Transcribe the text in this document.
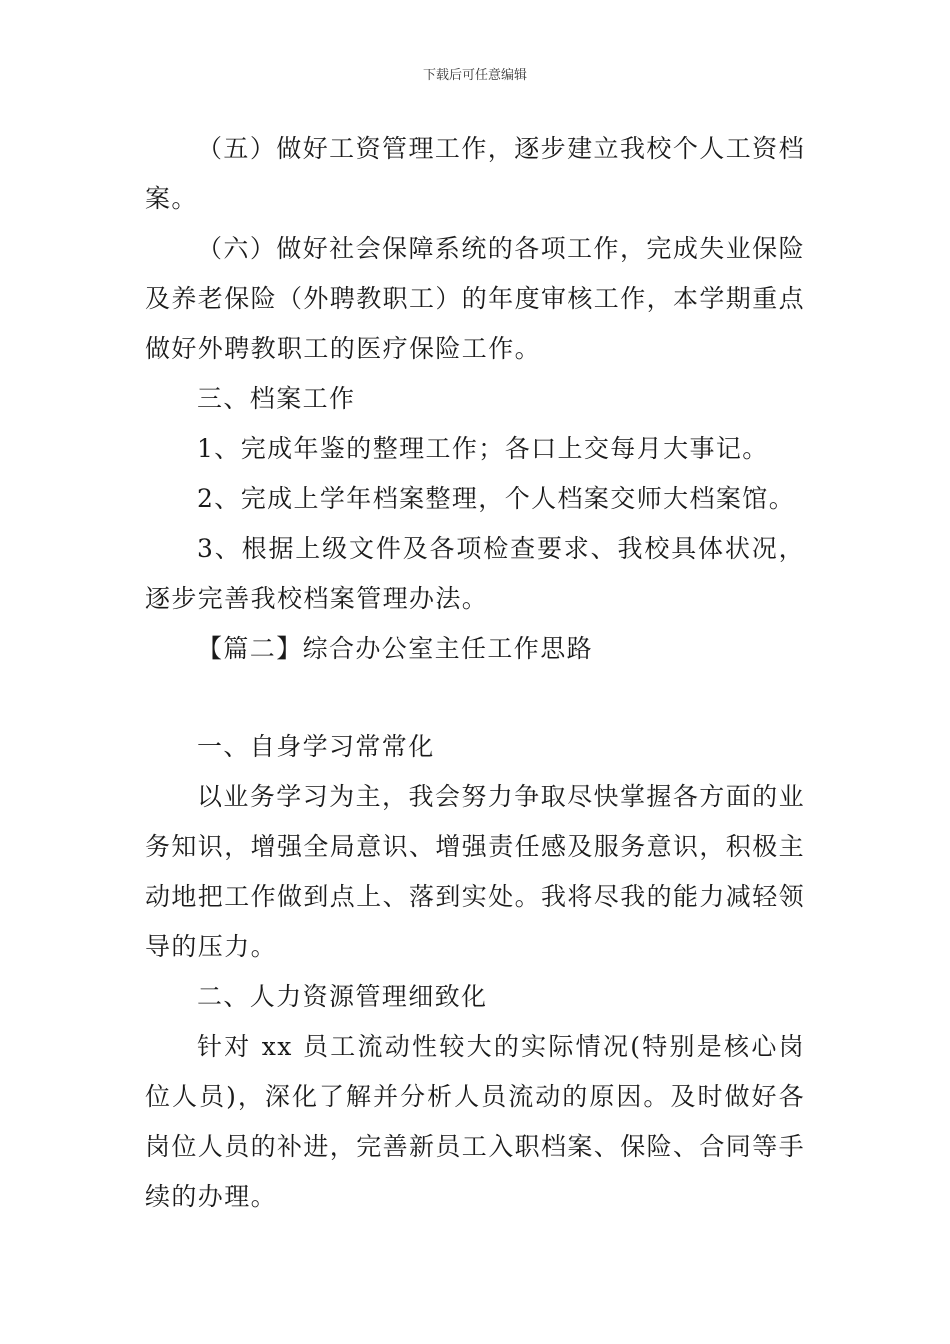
下载后可任意编辑

（五）做好工资管理工作，逐步建立我校个人工资档案。

（六）做好社会保障系统的各项工作，完成失业保险及养老保险（外聘教职工）的年度审核工作，本学期重点做好外聘教职工的医疗保险工作。

三、档案工作

1、完成年鉴的整理工作；各口上交每月大事记。

2、完成上学年档案整理，个人档案交师大档案馆。

3、根据上级文件及各项检查要求、我校具体状况，逐步完善我校档案管理办法。

【篇二】综合办公室主任工作思路

一、自身学习常常化

以业务学习为主，我会努力争取尽快掌握各方面的业务知识，增强全局意识、增强责任感及服务意识，积极主动地把工作做到点上、落到实处。我将尽我的能力减轻领导的压力。

二、人力资源管理细致化

针对 xx 员工流动性较大的实际情况(特别是核心岗位人员)，深化了解并分析人员流动的原因。及时做好各岗位人员的补进，完善新员工入职档案、保险、合同等手续的办理。
